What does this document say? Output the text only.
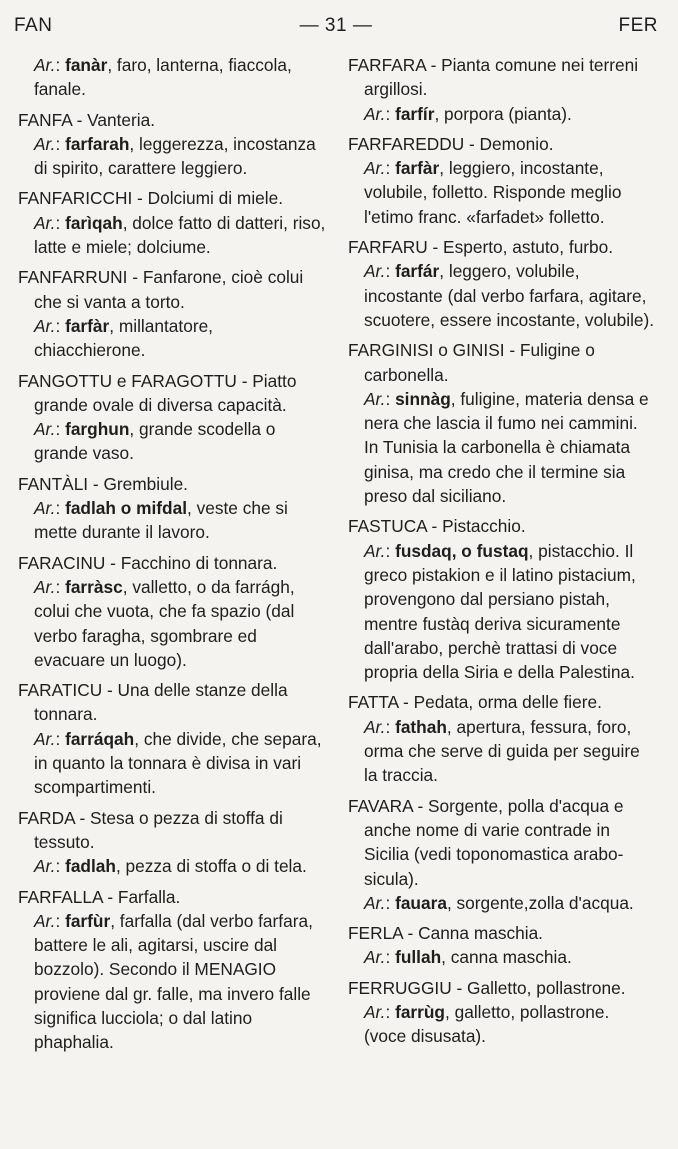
FAN	— 31 —	FER

Ar.: fanàr, faro, lanterna, fiaccola, fanale.

FANFA - Vanteria.

Ar.: farfarah, leggerezza, incostanza di spirito, carattere leggiero.

FANFARICCHI - Dolciumi di miele.

Ar.: farìqah, dolce fatto di datteri, riso, latte e miele; dolciume.

FANFARRUNI - Fanfarone, cioè colui che si vanta a torto.

Ar.: farfàr, millantatore, chiacchierone.

FANGOTTU e FARAGOTTU - Piatto grande ovale di diversa capacità.

Ar.: farghun, grande scodella o grande vaso.

FANTÀLI - Grembiule.

Ar.: fadlah o mifdal, veste che si mette durante il lavoro.

FARACINU - Facchino di tonnara.

Ar.: farràsc, valletto, o da farrágh, colui che vuota, che fa spazio (dal verbo faragha, sgombrare ed evacuare un luogo).

FARATICU - Una delle stanze della tonnara.

Ar.: farráqah, che divide, che separa, in quanto la tonnara è divisa in vari scompartimenti.

FARDA - Stesa o pezza di stoffa di tessuto.

Ar.: fadlah, pezza di stoffa o di tela.

FARFALLA - Farfalla.

Ar.: farfùr, farfalla (dal verbo farfara, battere le ali, agitarsi, uscire dal bozzolo). Secondo il MENAGIO proviene dal gr. falle, ma invero falle significa lucciola; o dal latino phaphalia.

FARFARA - Pianta comune nei terreni argillosi.

Ar.: farfír, porpora (pianta).

FARFAREDDU - Demonio.

Ar.: farfàr, leggiero, incostante, volubile, folletto. Risponde meglio l'etimo franc. «farfadet» folletto.

FARFARU - Esperto, astuto, furbo.

Ar.: farfár, leggero, volubile, incostante (dal verbo farfara, agitare, scuotere, essere incostante, volubile).

FARGINISI o GINISI - Fuligine o carbonella.

Ar.: sinnàg, fuligine, materia densa e nera che lascia il fumo nei cammini. In Tunisia la carbonella è chiamata ginisa, ma credo che il termine sia preso dal siciliano.

FASTUCA - Pistacchio.

Ar.: fusdaq, o fustaq, pistacchio. Il greco pistakion e il latino pistacium, provengono dal persiano pistah, mentre fustàq deriva sicuramente dall'arabo, perchè trattasi di voce propria della Siria e della Palestina.

FATTA - Pedata, orma delle fiere.

Ar.: fathah, apertura, fessura, foro, orma che serve di guida per seguire la traccia.

FAVARA - Sorgente, polla d'acqua e anche nome di varie contrade in Sicilia (vedi toponomastica arabo-sicula).

Ar.: fauara, sorgente,zolla d'acqua.

FERLA - Canna maschia.

Ar.: fullah, canna maschia.

FERRUGGIU - Galletto, pollastrone.

Ar.: farrùg, galletto, pollastrone. (voce disusata).
